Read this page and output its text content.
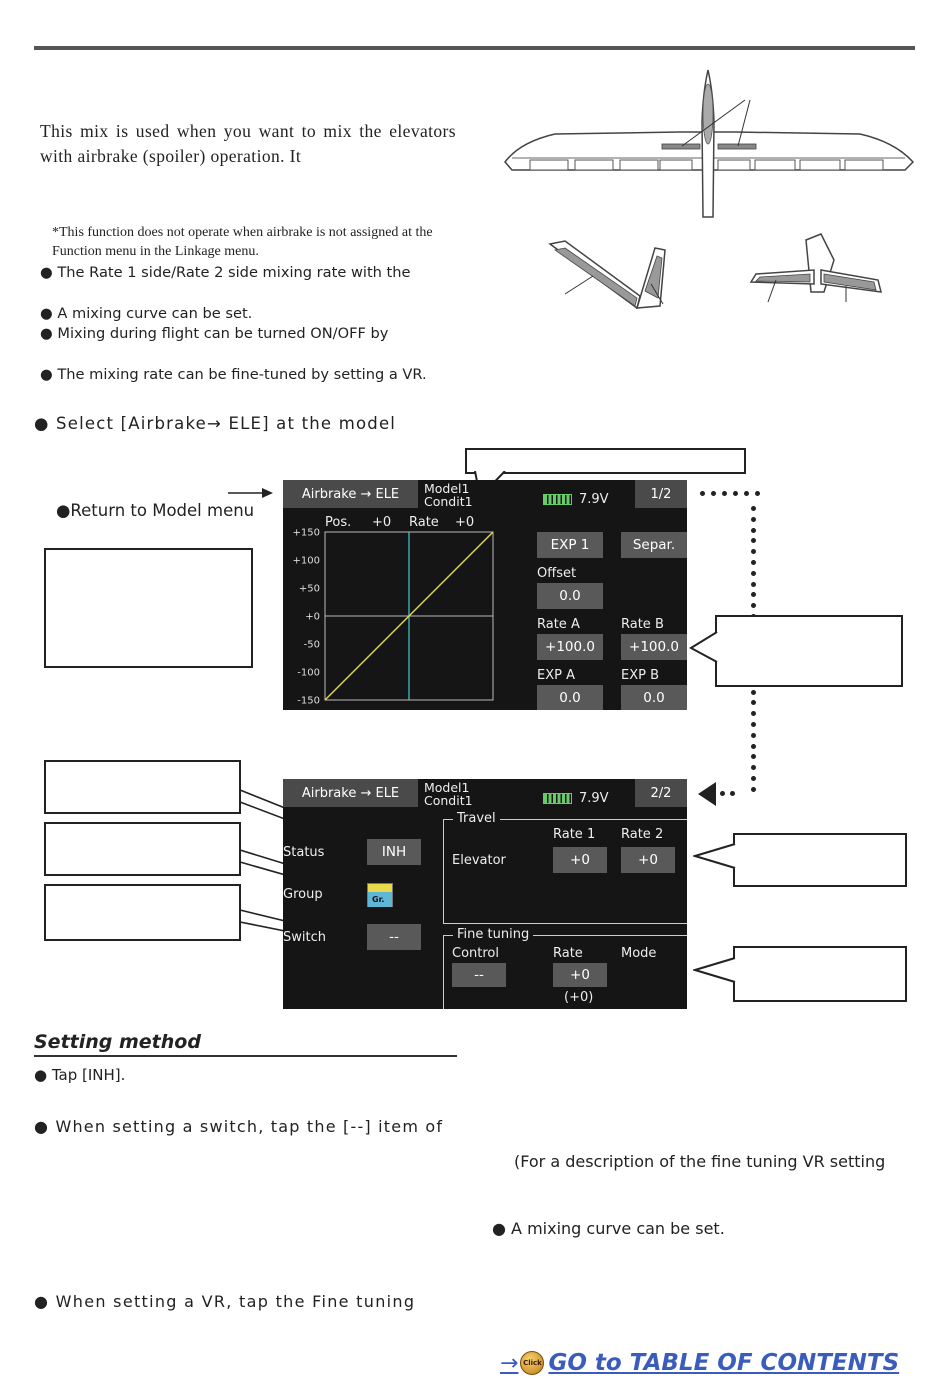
This mix is used when you want to mix the elevators with airbrake (spoiler) operation. It

*This function does not operate when airbrake is not assigned at the Function menu in the Linkage menu.

● The Rate 1 side/Rate 2 side mixing rate with the
● A mixing curve can be set.
● Mixing during flight can be turned ON/OFF by
● The mixing rate can be fine-tuned by setting a VR.
● Select [Airbrake→ ELE] at the model
●Return to Model menu
Airbrake → ELE	Model1
Condit1	7.9V	1/2
Pos. +0 Rate +0
+150
+100
+50
+0
-50
-100
-150
EXP 1	Separ.
Offset
0.0
Rate A	Rate B
+100.0	+100.0
EXP A	EXP B
0.0	0.0
Airbrake → ELE	Model1
Condit1	7.9V	2/2
Status	INH
Group	Gr.
Switch	--
Travel
Rate 1 Rate 2
Elevator	+0	+0
Fine tuning
Control	Rate	Mode
--	+0
(+0)
Setting method
● Tap [INH].
● When setting a switch, tap the [--] item of
(For a description of the fine tuning VR setting
● A mixing curve can be set.
● When setting a VR, tap the Fine tuning
→ Click GO to TABLE OF CONTENTS
